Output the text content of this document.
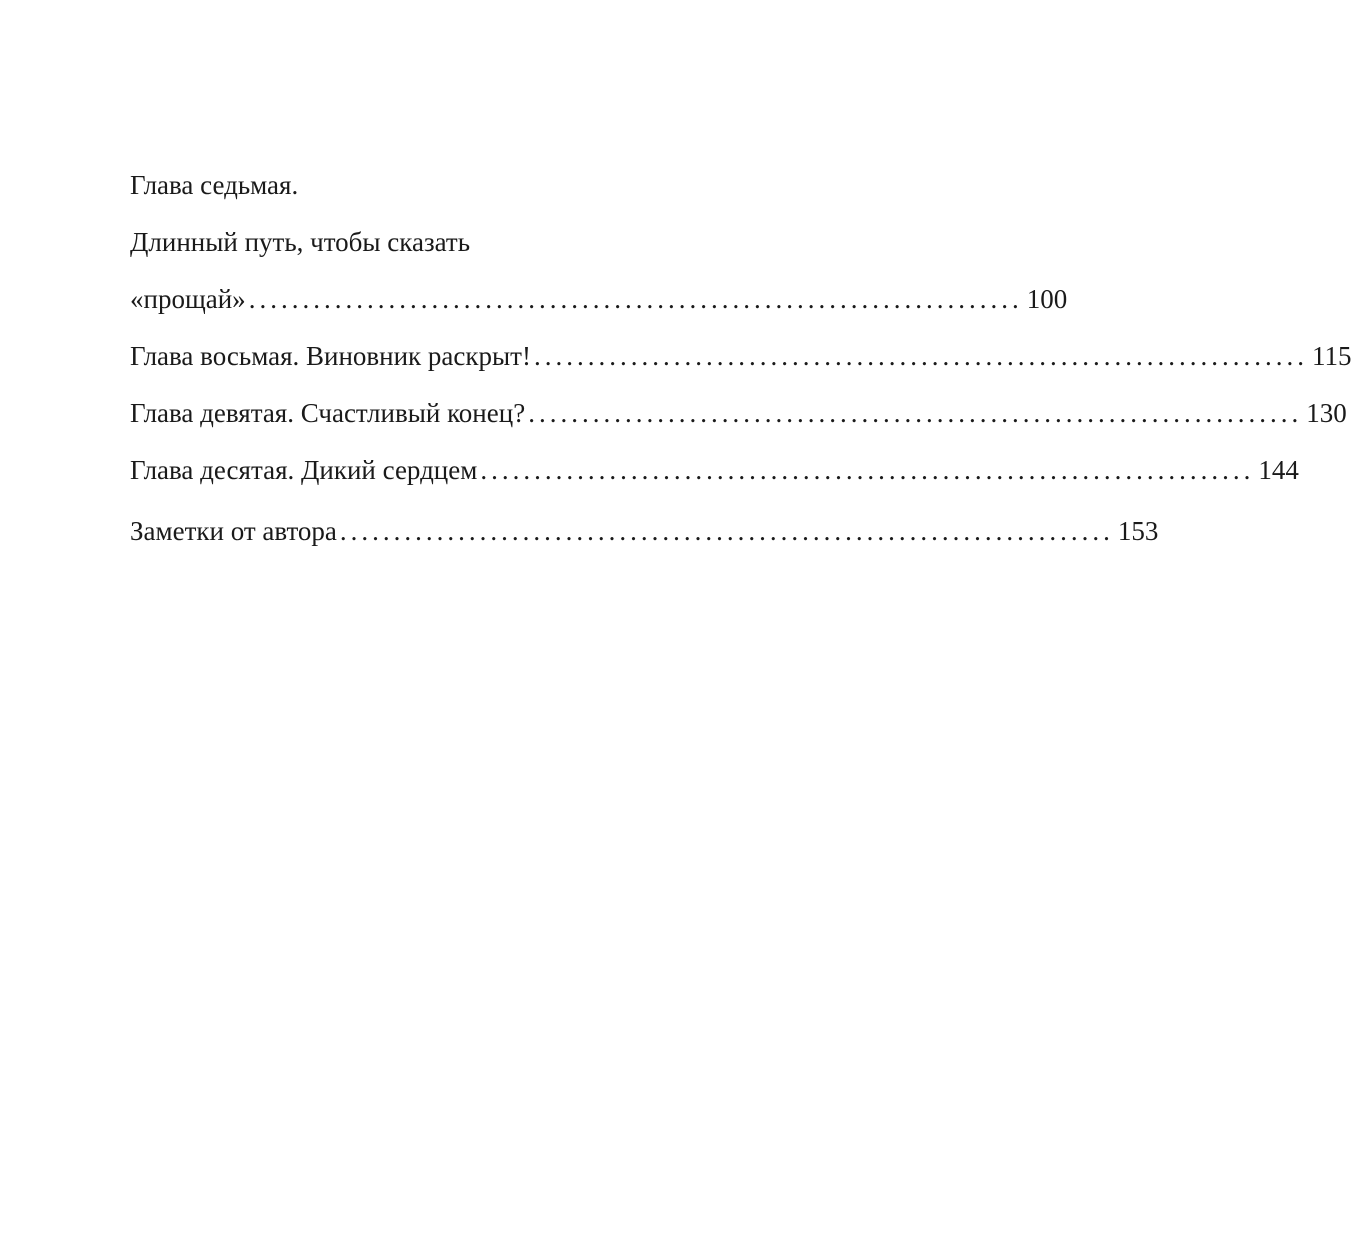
Глава седьмая.
Длинный путь, чтобы сказать
«прощай» ........................................................................ 100
Глава восьмая. Виновник раскрыт! ........................................................................ 115
Глава девятая. Счастливый конец? ........................................................................ 130
Глава десятая. Дикий сердцем ........................................................................ 144
Заметки от автора ........................................................................ 153
